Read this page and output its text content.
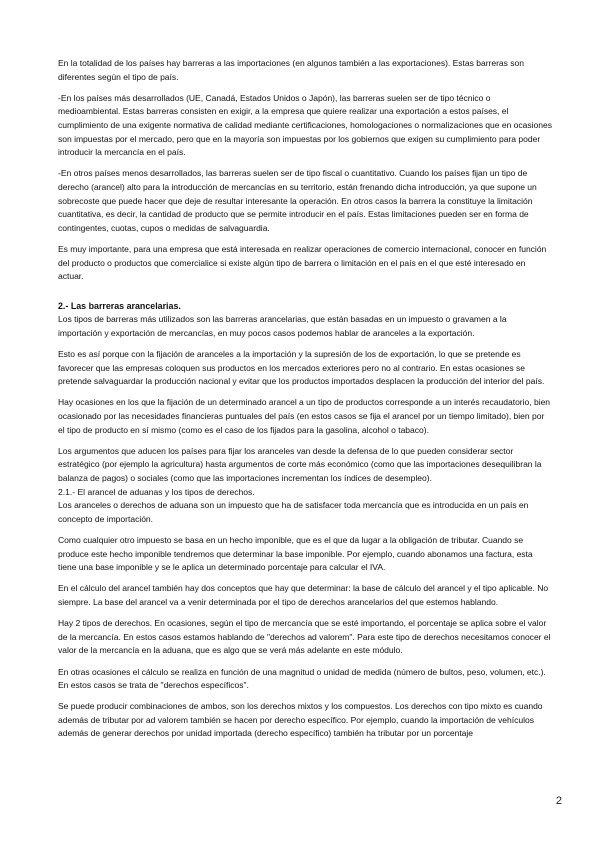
En la totalidad de los países hay barreras a las importaciones (en algunos también a las exportaciones). Estas barreras son diferentes según el tipo de país.

-En los países más desarrollados (UE, Canadá, Estados Unidos o Japón), las barreras suelen ser de tipo técnico o medioambiental. Estas barreras consisten en exigir, a la empresa que quiere realizar una exportación a estos países, el cumplimiento de una exigente normativa de calidad mediante certificaciones, homologaciones o normalizaciones que en ocasiones son impuestas por el mercado, pero que en la mayoría son impuestas por los gobiernos que exigen su cumplimiento para poder introducir la mercancía en el país.

-En otros países menos desarrollados, las barreras suelen ser de tipo fiscal o cuantitativo. Cuando los países fijan un tipo de derecho (arancel) alto para la introducción de mercancías en su territorio, están frenando dicha introducción, ya que supone un sobrecoste que puede hacer que deje de resultar interesante la operación. En otros casos la barrera la constituye la limitación cuantitativa, es decir, la cantidad de producto que se permite introducir en el país. Estas limitaciones pueden ser en forma de contingentes, cuotas, cupos o medidas de salvaguardia.

Es muy importante, para una empresa que está interesada en realizar operaciones de comercio internacional, conocer en función del producto o productos que comercialice si existe algún tipo de barrera o limitación en el país en el que esté interesado en actuar.

2.- Las barreras arancelarias.

Los tipos de barreras más utilizados son las barreras arancelarias, que están basadas en un impuesto o gravamen a la importación y exportación de mercancías, en muy pocos casos podemos hablar de aranceles a la exportación.

Esto es así porque con la fijación de aranceles a la importación y la supresión de los de exportación, lo que se pretende es favorecer que las empresas coloquen sus productos en los mercados exteriores pero no al contrario. En estas ocasiones se pretende salvaguardar la producción nacional y evitar que los productos importados desplacen la producción del interior del país.

Hay ocasiones en los que la fijación de un determinado arancel a un tipo de productos corresponde a un interés recaudatorio, bien ocasionado por las necesidades financieras puntuales del país (en estos casos se fija el arancel por un tiempo limitado), bien por el tipo de producto en sí mismo (como es el caso de los fijados para la gasolina, alcohol o tabaco).

Los argumentos que aducen los países para fijar los aranceles van desde la defensa de lo que pueden considerar sector estratégico (por ejemplo la agricultura) hasta argumentos de corte más económico (como que las importaciones desequilibran la balanza de pagos) o sociales (como que las importaciones incrementan los índices de desempleo).

2.1.- El arancel de aduanas y los tipos de derechos.

Los aranceles o derechos de aduana son un impuesto que ha de satisfacer toda mercancía que es introducida en un país en concepto de importación.

Como cualquier otro impuesto se basa en un hecho imponible, que es el que da lugar a la obligación de tributar. Cuando se produce este hecho imponible tendremos que determinar la base imponible. Por ejemplo, cuando abonamos una factura, esta tiene una base imponible y se le aplica un determinado porcentaje para calcular el IVA.

En el cálculo del arancel también hay dos conceptos que hay que determinar: la base de cálculo del arancel y el tipo aplicable. No siempre. La base del arancel va a venir determinada por el tipo de derechos arancelarios del que estemos hablando.

Hay 2 tipos de derechos. En ocasiones, según el tipo de mercancía que se esté importando, el porcentaje se aplica sobre el valor de la mercancía. En estos casos estamos hablando de "derechos ad valorem". Para este tipo de derechos necesitamos conocer el valor de la mercancía en la aduana, que es algo que se verá más adelante en este módulo.

En otras ocasiones el cálculo se realiza en función de una magnitud o unidad de medida (número de bultos, peso, volumen, etc.). En estos casos se trata de "derechos específicos".

Se puede producir combinaciones de ambos, son los derechos mixtos y los compuestos. Los derechos con tipo mixto es cuando además de tributar por ad valorem también se hacen por derecho específico. Por ejemplo, cuando la importación de vehículos además de generar derechos por unidad importada (derecho específico) también ha tributar por un porcentaje

2
